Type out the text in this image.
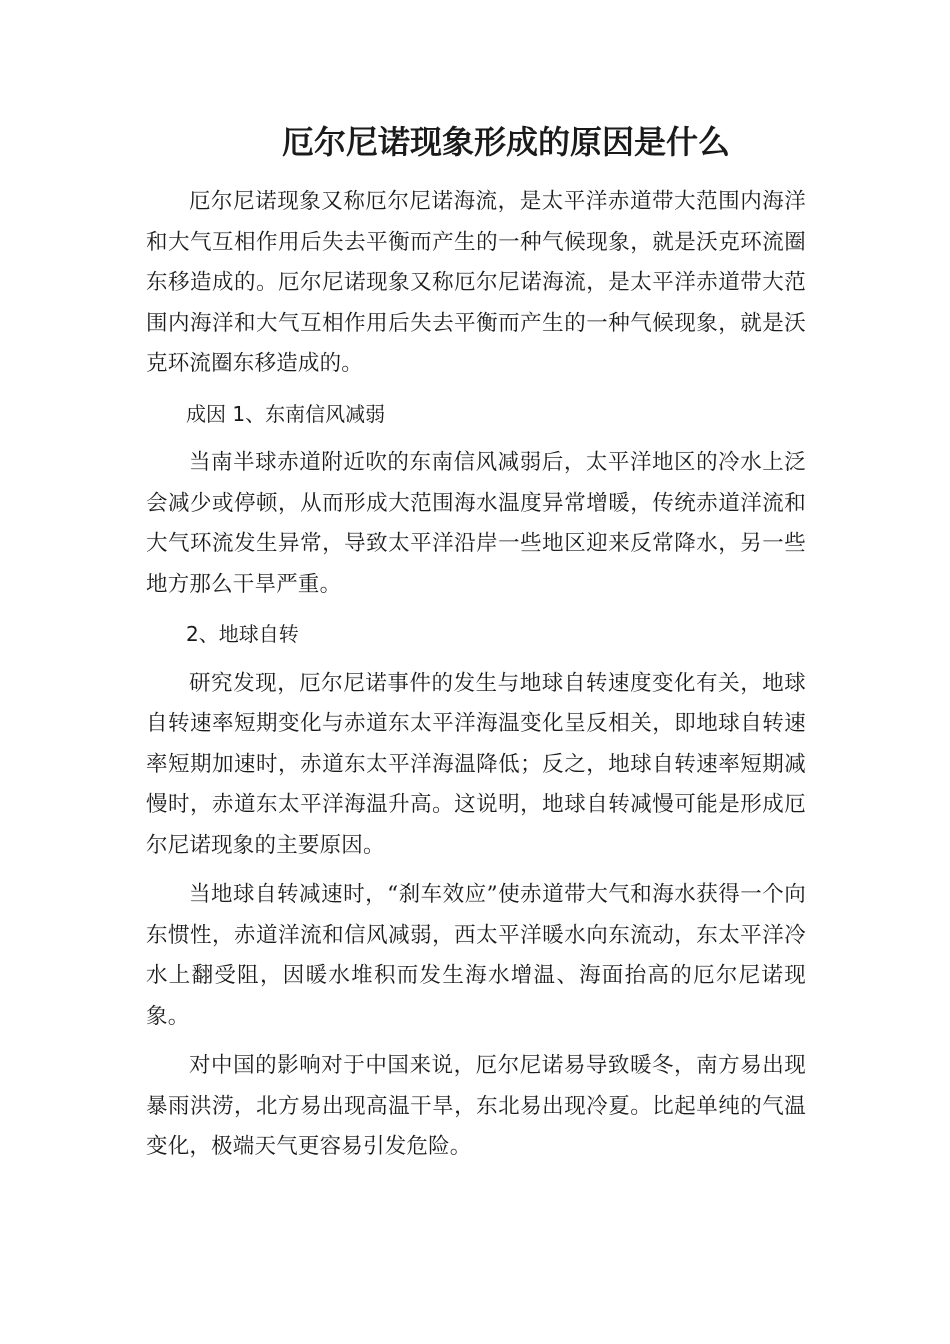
厄尔尼诺现象形成的原因是什么

厄尔尼诺现象又称厄尔尼诺海流，是太平洋赤道带大范围内海洋和大气互相作用后失去平衡而产生的一种气候现象，就是沃克环流圈东移造成的。厄尔尼诺现象又称厄尔尼诺海流，是太平洋赤道带大范围内海洋和大气互相作用后失去平衡而产生的一种气候现象，就是沃克环流圈东移造成的。

成因 1、东南信风减弱

当南半球赤道附近吹的东南信风减弱后，太平洋地区的冷水上泛会减少或停顿，从而形成大范围海水温度异常增暖，传统赤道洋流和大气环流发生异常，导致太平洋沿岸一些地区迎来反常降水，另一些地方那么干旱严重。

2、地球自转

研究发现，厄尔尼诺事件的发生与地球自转速度变化有关，地球自转速率短期变化与赤道东太平洋海温变化呈反相关，即地球自转速率短期加速时，赤道东太平洋海温降低；反之，地球自转速率短期减慢时，赤道东太平洋海温升高。这说明，地球自转减慢可能是形成厄尔尼诺现象的主要原因。

当地球自转减速时，“刹车效应”使赤道带大气和海水获得一个向东惯性，赤道洋流和信风减弱，西太平洋暖水向东流动，东太平洋冷水上翻受阻，因暖水堆积而发生海水增温、海面抬高的厄尔尼诺现象。

对中国的影响对于中国来说，厄尔尼诺易导致暖冬，南方易出现暴雨洪涝，北方易出现高温干旱，东北易出现冷夏。比起单纯的气温变化，极端天气更容易引发危险。
